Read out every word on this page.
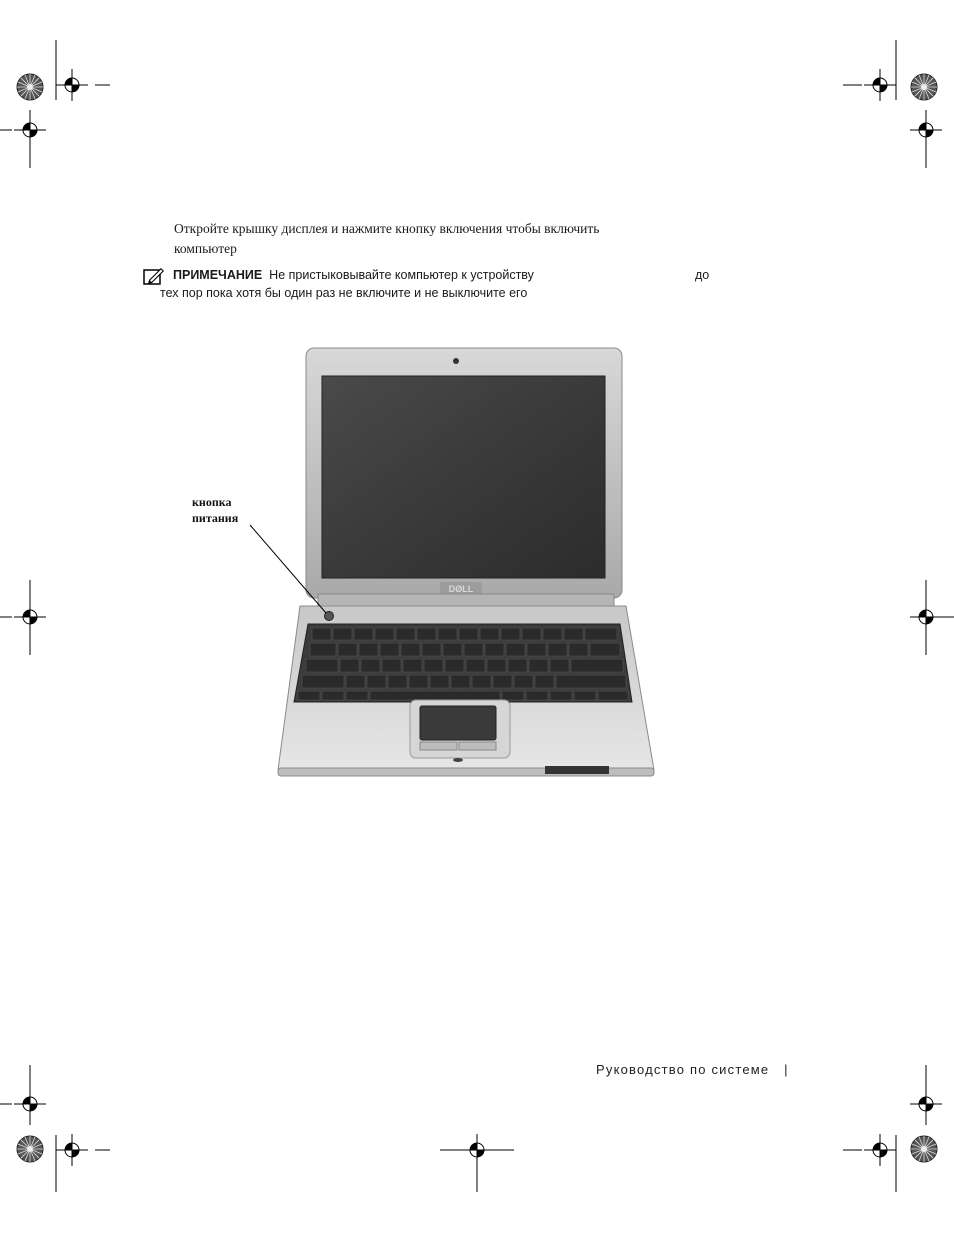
Откройте крышку дисплея и нажмите кнопку включения чтобы включить
компьютер
ПРИМЕЧАНИЕ Не пристыковывайте компьютер к устройству	до
тех пор пока хотя бы один раз не включите и не выключите его
DØLL
кнопка
питания
Руководство по системе |
